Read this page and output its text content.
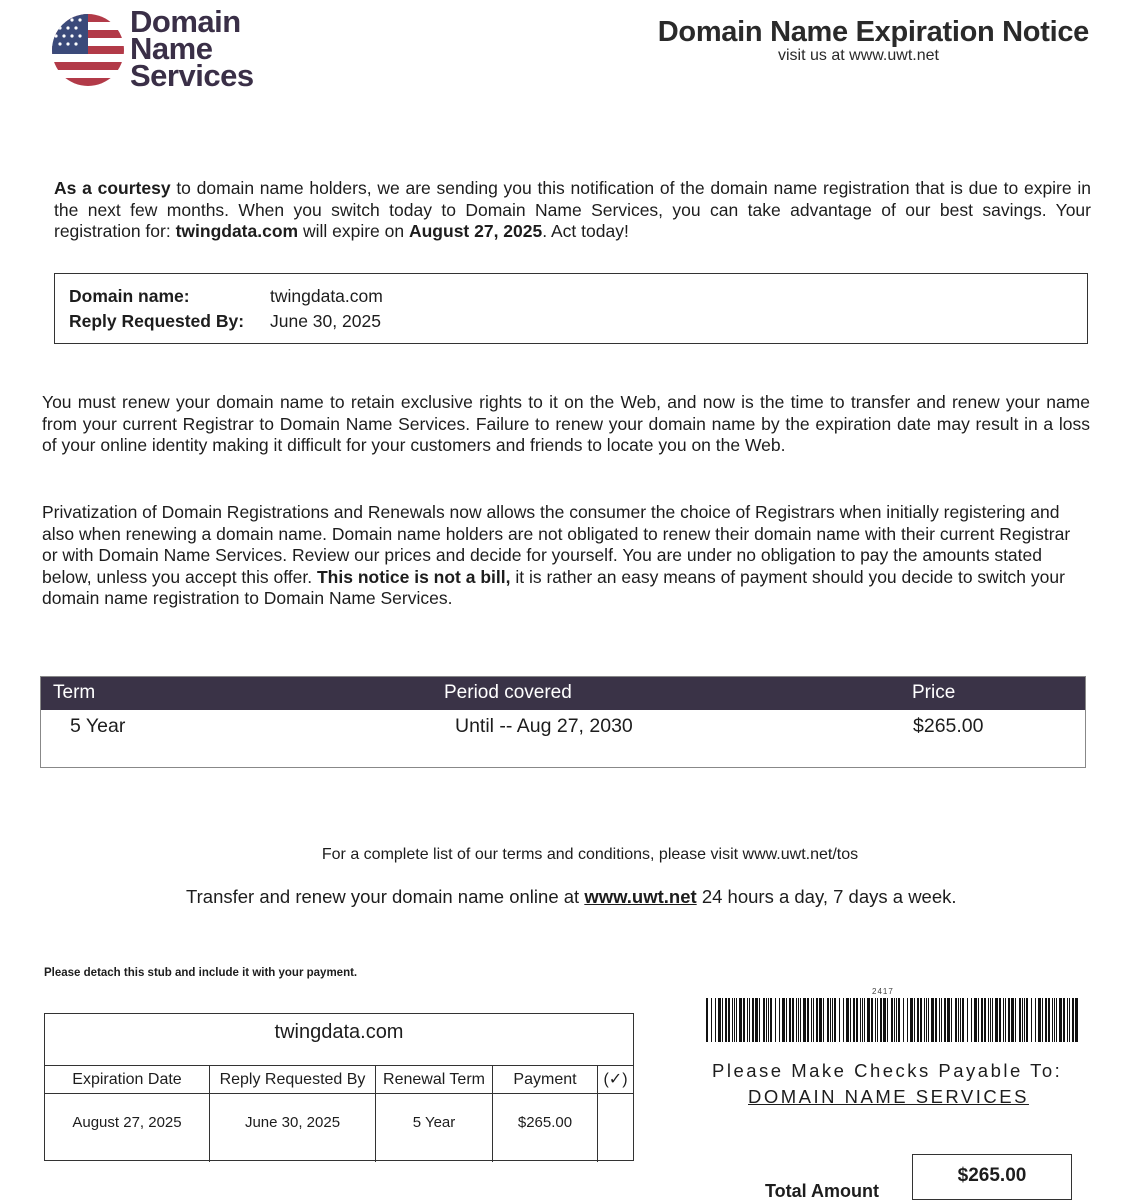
Domain
Name
Services
Domain Name Expiration Notice
visit us at www.uwt.net
As a courtesy to domain name holders, we are sending you this notification of the domain name registration that is due to expire in the next few months. When you switch today to Domain Name Services, you can take advantage of our best savings. Your registration for: twingdata.com will expire on August 27, 2025. Act today!
Domain name:	twingdata.com
Reply Requested By: June 30, 2025
You must renew your domain name to retain exclusive rights to it on the Web, and now is the time to transfer and renew your name from your current Registrar to Domain Name Services. Failure to renew your domain name by the expiration date may result in a loss of your online identity making it difficult for your customers and friends to locate you on the Web.
Privatization of Domain Registrations and Renewals now allows the consumer the choice of Registrars when initially registering and also when renewing a domain name. Domain name holders are not obligated to renew their domain name with their current Registrar or with Domain Name Services. Review our prices and decide for yourself. You are under no obligation to pay the amounts stated below, unless you accept this offer. This notice is not a bill, it is rather an easy means of payment should you decide to switch your domain name registration to Domain Name Services.
Term	Period covered	Price
5 Year	Until -- Aug 27, 2030	$265.00
For a complete list of our terms and conditions, please visit www.uwt.net/tos
Transfer and renew your domain name online at www.uwt.net 24 hours a day, 7 days a week.
Please detach this stub and include it with your payment.
twingdata.com
Expiration Date	Reply Requested By	Renewal Term	Payment	(✓)
August 27, 2025	June 30, 2025	5 Year	$265.00
2417
Please Make Checks Payable To:
DOMAIN NAME SERVICES
$265.00
Total Amount
